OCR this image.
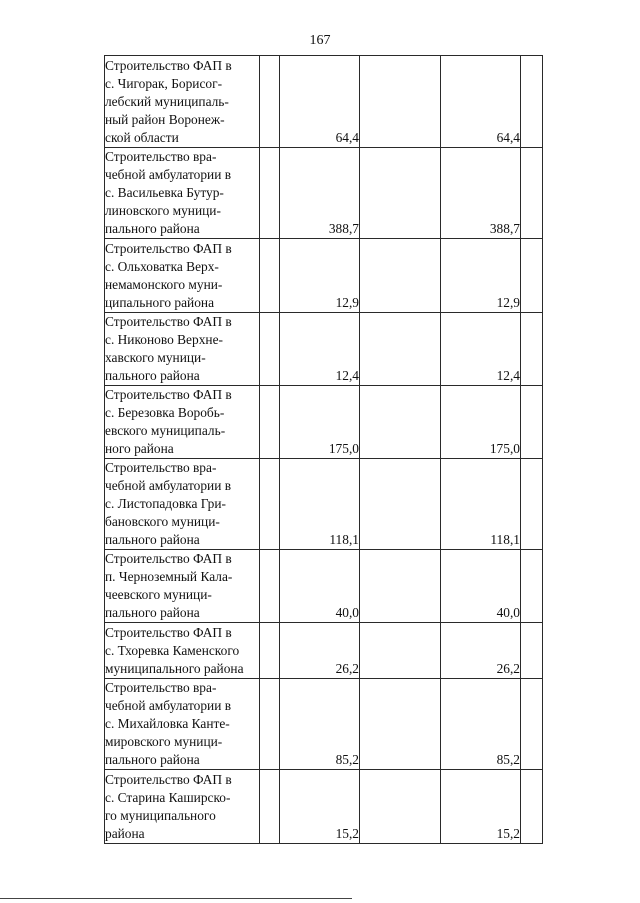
167
Строительство ФАП в
с. Чигорак, Борисог-
лебский муниципаль-
ный район Воронеж-
ской области		64,4		64,4	
Строительство вра-
чебной амбулатории в
с. Васильевка Бутур-
линовского муници-
пального района		388,7		388,7	
Строительство ФАП в
с. Ольховатка Верх-
немамонского муни-
ципального района		12,9		12,9	
Строительство ФАП в
с. Никоново Верхне-
хавского муници-
пального района		12,4		12,4	
Строительство ФАП в
с. Березовка Воробь-
евского муниципаль-
ного района		175,0		175,0	
Строительство вра-
чебной амбулатории в
с. Листопадовка Гри-
бановского муници-
пального района		118,1		118,1	
Строительство ФАП в
п. Черноземный Кала-
чеевского муници-
пального района		40,0		40,0	
Строительство ФАП в
с. Тхоревка Каменского
муниципального района		26,2		26,2	
Строительство вра-
чебной амбулатории в
с. Михайловка Канте-
мировского муници-
пального района		85,2		85,2	
Строительство ФАП в
с. Старина Каширско-
го муниципального
района		15,2		15,2	
